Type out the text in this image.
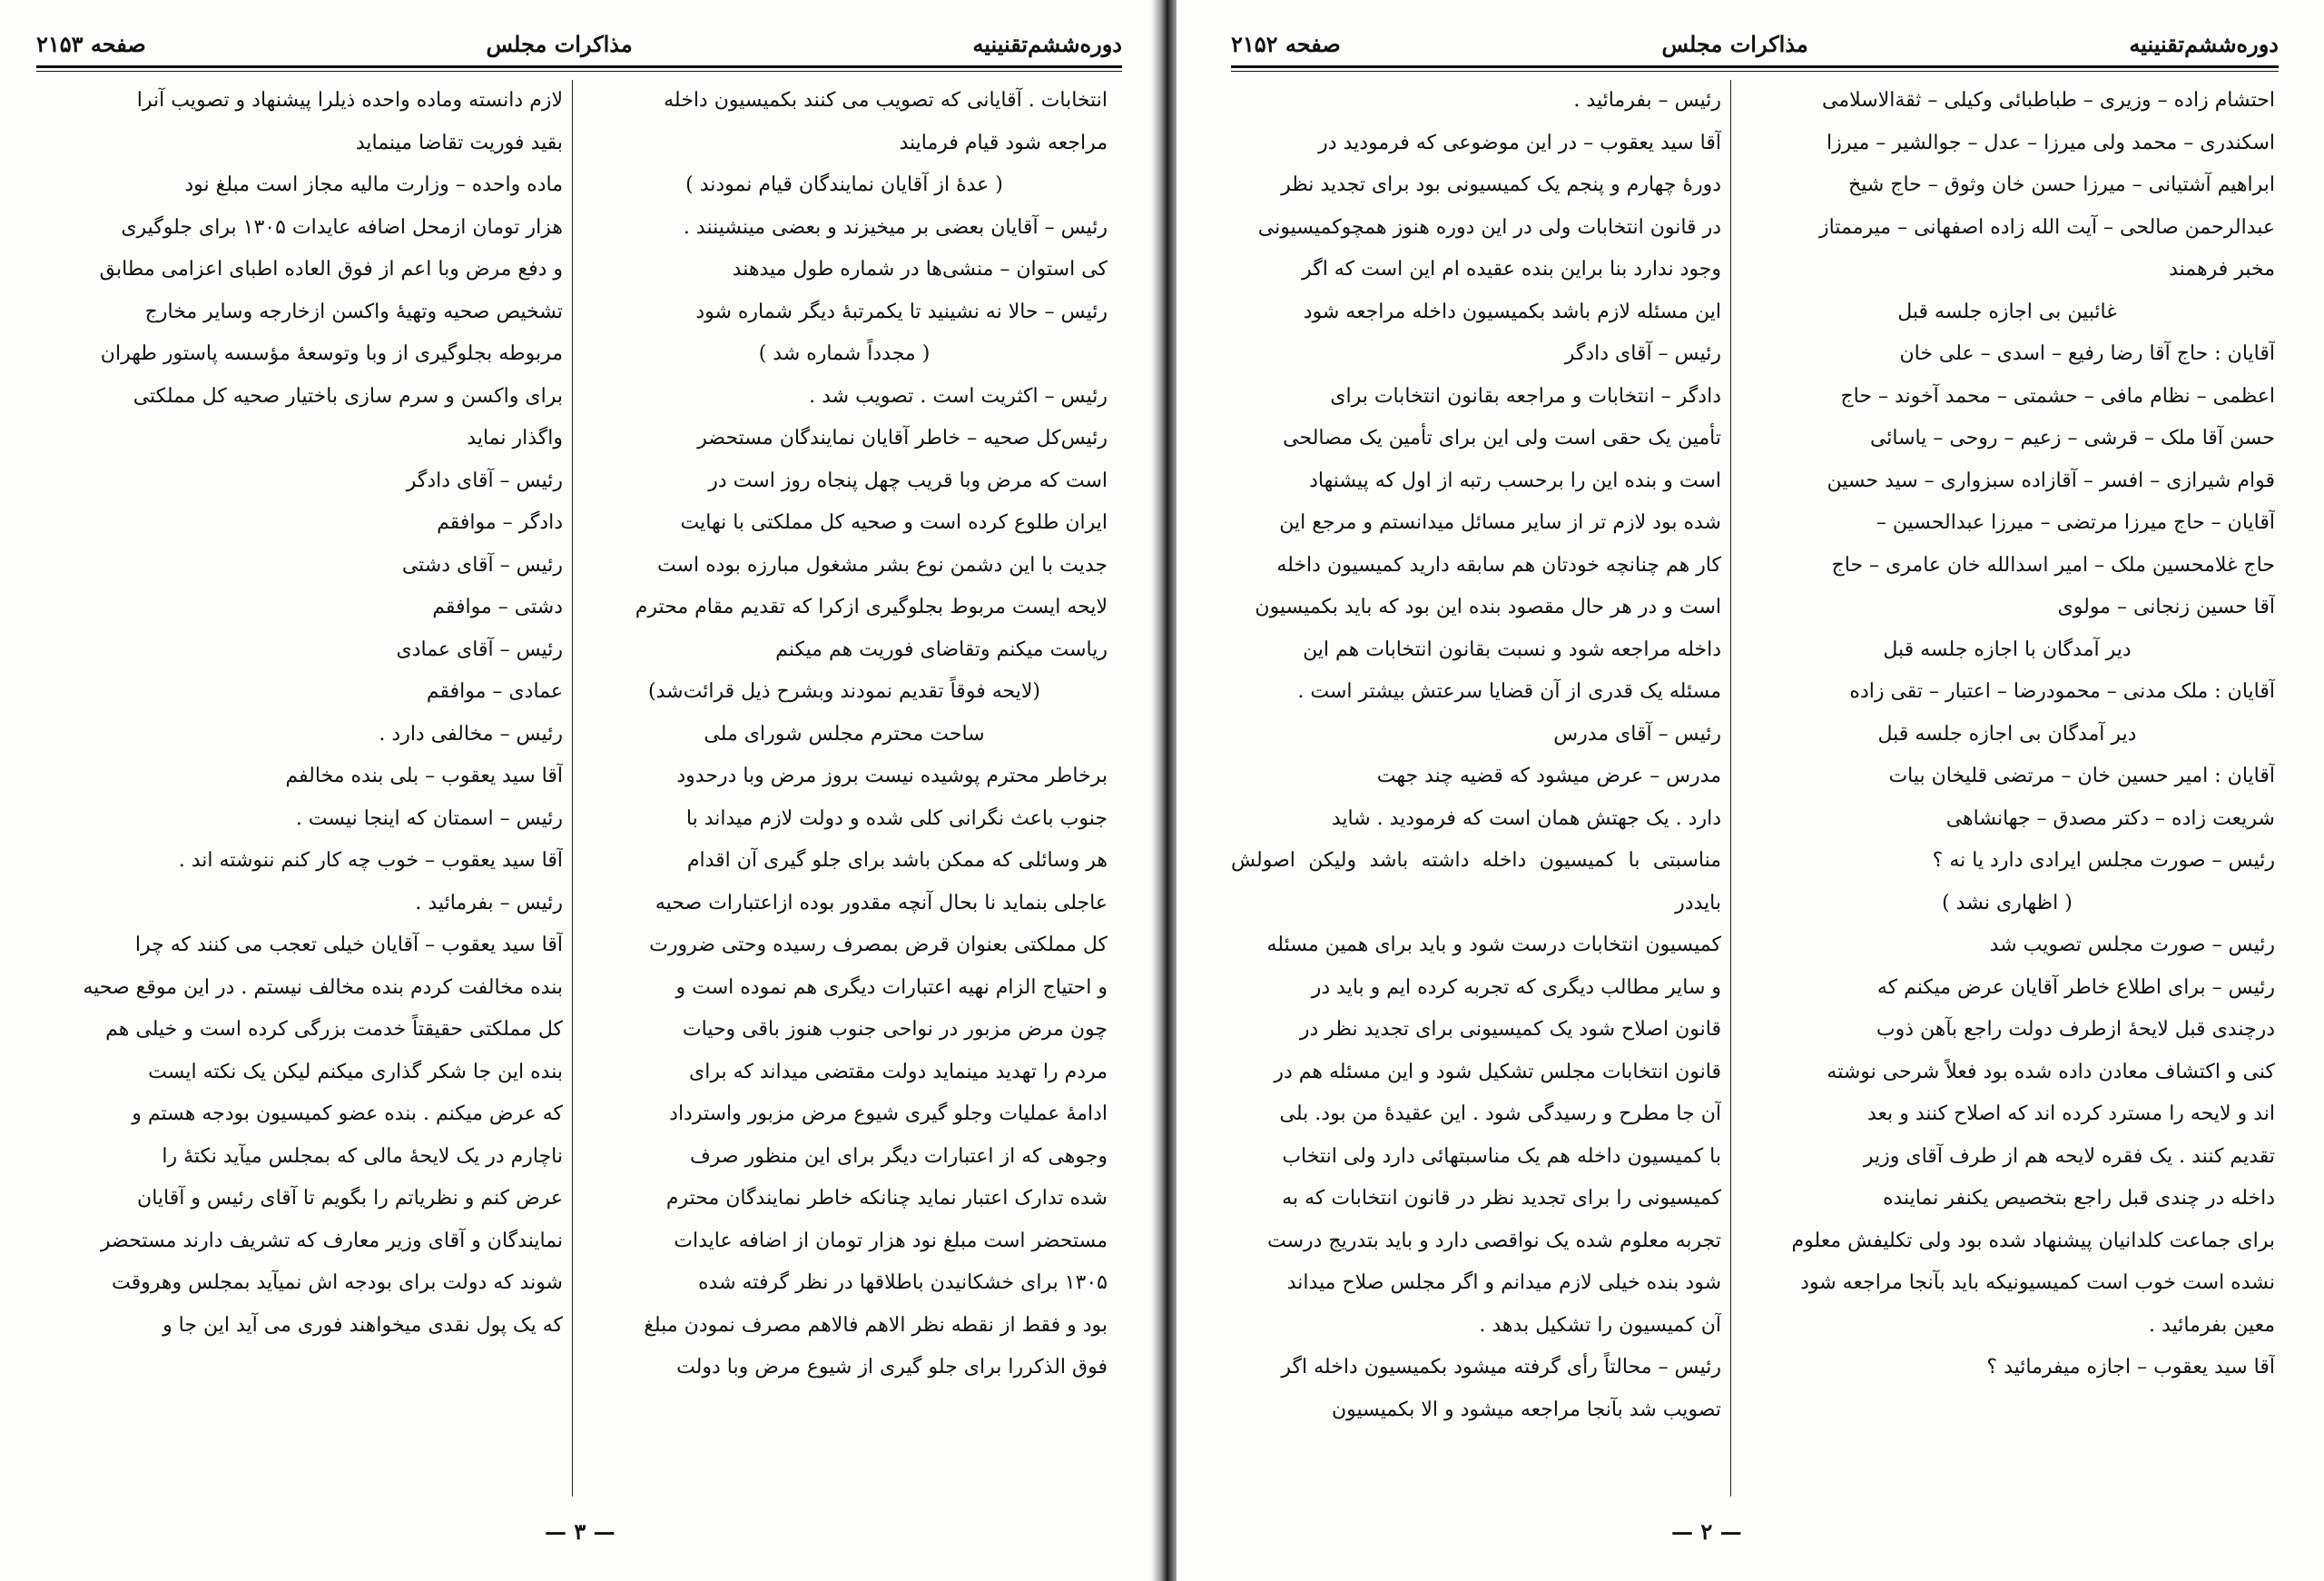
دوره‌ششم‌تقنینیه
مذاکرات مجلس
صفحه ۲۱۵۳
انتخابات . آقایانی که تصویب می کنند بکمیسیون داخله
مراجعه شود قیام فرمایند
( عدهٔ از آقایان نمایندگان قیام نمودند )
رئیس – آقایان بعضی بر میخیزند و بعضی مینشینند .
کی استوان – منشی‌ها در شماره طول میدهند
رئیس – حالا نه نشینید تا یکمرتبهٔ دیگر شماره شود
( مجدداً شماره شد )
رئیس – اکثریت است . تصویب شد .
رئیس‌کل صحیه – خاطر آقایان نمایندگان مستحضر
است که مرض وبا قریب چهل پنجاه روز است در
ایران طلوع کرده است و صحیه کل مملکتی با نهایت
جدیت با این دشمن نوع بشر مشغول مبارزه بوده است
لایحه ایست مربوط بجلوگیری ازکرا که تقدیم مقام محترم
ریاست میکنم وتقاضای فوریت هم میکنم
(لایحه فوقاً تقدیم نمودند وبشرح ذیل قرائت‌شد)
ساحت محترم مجلس شورای ملی
برخاطر محترم پوشیده نیست بروز مرض وبا درحدود
جنوب باعث نگرانی کلی شده و دولت لازم میداند با
هر وسائلی که ممکن باشد برای جلو گیری آن اقدام
عاجلی بنماید نا بحال آنچه مقدور بوده ازاعتبارات صحیه
کل مملکتی بعنوان قرض بمصرف رسیده وحتی ضرورت
و احتیاج الزام نهیه اعتبارات دیگری هم نموده است و
چون مرض مزبور در نواحی جنوب هنوز باقی وحیات
مردم را تهدید مینماید دولت مقتضی میداند که برای
ادامهٔ عملیات وجلو گیری شیوع مرض مزبور واسترداد
وجوهی که از اعتبارات دیگر برای این منظور صرف
شده تدارک اعتبار نماید چنانکه خاطر نمایندگان محترم
مستحضر است مبلغ نود هزار تومان از اضافه عایدات
۱۳۰۵ برای خشکانیدن باطلاقها در نظر گرفته شده
بود و فقط از نقطه نظر الاهم فالاهم مصرف نمودن مبلغ
فوق الذکررا برای جلو گیری از شیوع مرض وبا دولت
لازم دانسته وماده واحده ذیلرا پیشنهاد و تصویب آنرا
بقید فوریت تقاضا مینماید
ماده واحده – وزارت مالیه مجاز است مبلغ نود
هزار تومان ازمحل اضافه عایدات ۱۳۰۵ برای جلوگیری
و دفع مرض وبا اعم از فوق العاده اطبای اعزامی مطابق
تشخیص صحیه وتهیهٔ واکسن ازخارجه وسایر مخارج
مربوطه بجلوگیری از وبا وتوسعهٔ مؤسسه پاستور طهران
برای واکسن و سرم سازی باختیار صحیه کل مملکتی
واگذار نماید
رئیس – آقای دادگر
دادگر – موافقم
رئیس – آقای دشتی
دشتی – موافقم
رئیس – آقای عمادی
عمادی – موافقم
رئیس – مخالفی دارد .
آقا سید یعقوب – بلی بنده مخالفم
رئیس – اسمتان که اینجا نیست .
آقا سید یعقوب – خوب چه کار کنم ننوشته اند .
رئیس – بفرمائید .
آقا سید یعقوب – آقایان خیلی تعجب می کنند که چرا
بنده مخالفت کردم بنده مخالف نیستم . در این موقع صحیه
کل مملکتی حقیقتاً خدمت بزرگی کرده است و خیلی هم
بنده این جا شکر گذاری میکنم لیکن یک نکته ایست
که عرض میکنم . بنده عضو کمیسیون بودجه هستم و
ناچارم در یک لایحهٔ مالی که بمجلس میآید نکتهٔ را
عرض کنم و نظریاتم را بگویم تا آقای رئیس و آقایان
نمایندگان و آقای وزیر معارف که تشریف دارند مستحضر
شوند که دولت برای بودجه اش نمیآید بمجلس وهروقت
که یک پول نقدی میخواهند فوری می آید این جا و
— ۳ —
دوره‌ششم‌تقنینیه
مذاکرات مجلس
صفحه ۲۱۵۲
احتشام زاده – وزیری – طباطبائی وکیلی – ثقةالاسلامی
اسکندری – محمد ولی میرزا – عدل – جوالشیر – میرزا
ابراهیم آشتیانی – میرزا حسن خان وثوق – حاج شیخ
عبدالرحمن صالحی – آیت الله زاده اصفهانی – میرممتاز
مخبر فرهمند
غائبین بی اجازه جلسه قبل
آقایان : حاج آقا رضا رفیع – اسدی – علی خان
اعظمی – نظام مافی – حشمتی – محمد آخوند – حاج
حسن آقا ملک – قرشی – زعیم – روحی – یاسائی
قوام شیرازی – افسر – آقازاده سبزواری – سید حسین
آقایان – حاج میرزا مرتضی – میرزا عبدالحسین –
حاج غلامحسین ملک – امیر اسدالله خان عامری – حاج
آقا حسین زنجانی – مولوی
دیر آمدگان با اجازه جلسه قبل
آقایان : ملک مدنی – محمودرضا – اعتبار – تقی زاده
دیر آمدگان بی اجازه جلسه قبل
آقایان : امیر حسین خان – مرتضی قلیخان بیات
شریعت زاده – دکتر مصدق – جهانشاهی
رئیس – صورت مجلس ایرادی دارد یا نه ؟
( اظهاری نشد )
رئیس – صورت مجلس تصویب شد
رئیس – برای اطلاع خاطر آقایان عرض میکنم که
درچندی قبل لایحهٔ ازطرف دولت راجع بآهن ذوب
کنی و اکتشاف معادن داده شده بود فعلاً شرحی نوشته
اند و لایحه را مسترد کرده اند که اصلاح کنند و بعد
تقدیم کنند . یک فقره لایحه هم از طرف آقای وزیر
داخله در چندی قبل راجع بتخصیص یکنفر نماینده
برای جماعت کلدانیان پیشنهاد شده بود ولی تکلیفش معلوم
نشده است خوب است کمیسیونیکه باید بآنجا مراجعه شود
معین بفرمائید .
آقا سید یعقوب – اجازه میفرمائید ؟
رئیس – بفرمائید .
آقا سید یعقوب – در این موضوعی که فرمودید در
دورهٔ چهارم و پنجم یک کمیسیونی بود برای تجدید نظر
در قانون انتخابات ولی در این دوره هنوز همچوکمیسیونی
وجود ندارد بنا براین بنده عقیده ام این است که اگر
این مسئله لازم باشد بکمیسیون داخله مراجعه شود
رئیس – آقای دادگر
دادگر – انتخابات و مراجعه بقانون انتخابات برای
تأمین یک حقی است ولی این برای تأمین یک مصالحی
است و بنده این را برحسب رتبه از اول که پیشنهاد
شده بود لازم تر از سایر مسائل میدانستم و مرجع این
کار هم چنانچه خودتان هم سابقه دارید کمیسیون داخله
است و در هر حال مقصود بنده این بود که باید بکمیسیون
داخله مراجعه شود و نسبت بقانون انتخابات هم این
مسئله یک قدری از آن قضایا سرعتش بیشتر است .
رئیس – آقای مدرس
مدرس – عرض میشود که قضیه چند جهت
دارد . یک جهتش همان است که فرمودید . شاید
مناسبتی با کمیسیون داخله داشته باشد ولیکن اصولش بایددر
کمیسیون انتخابات درست شود و باید برای همین مسئله
و سایر مطالب دیگری که تجربه کرده ایم و باید در
قانون اصلاح شود یک کمیسیونی برای تجدید نظر در
قانون انتخابات مجلس تشکیل شود و این مسئله هم در
آن جا مطرح و رسیدگی شود . این عقیدهٔ من بود. بلی
با کمیسیون داخله هم یک مناسبتهائی دارد ولی انتخاب
کمیسیونی را برای تجدید نظر در قانون انتخابات که به
تجربه معلوم شده یک نواقصی دارد و باید بتدریج درست
شود بنده خیلی لازم میدانم و اگر مجلس صلاح میداند
آن کمیسیون را تشکیل بدهد .
رئیس – محالتاً رأی گرفته میشود بکمیسیون داخله اگر
تصویب شد بآنجا مراجعه میشود و الا بکمیسیون
— ۲ —
